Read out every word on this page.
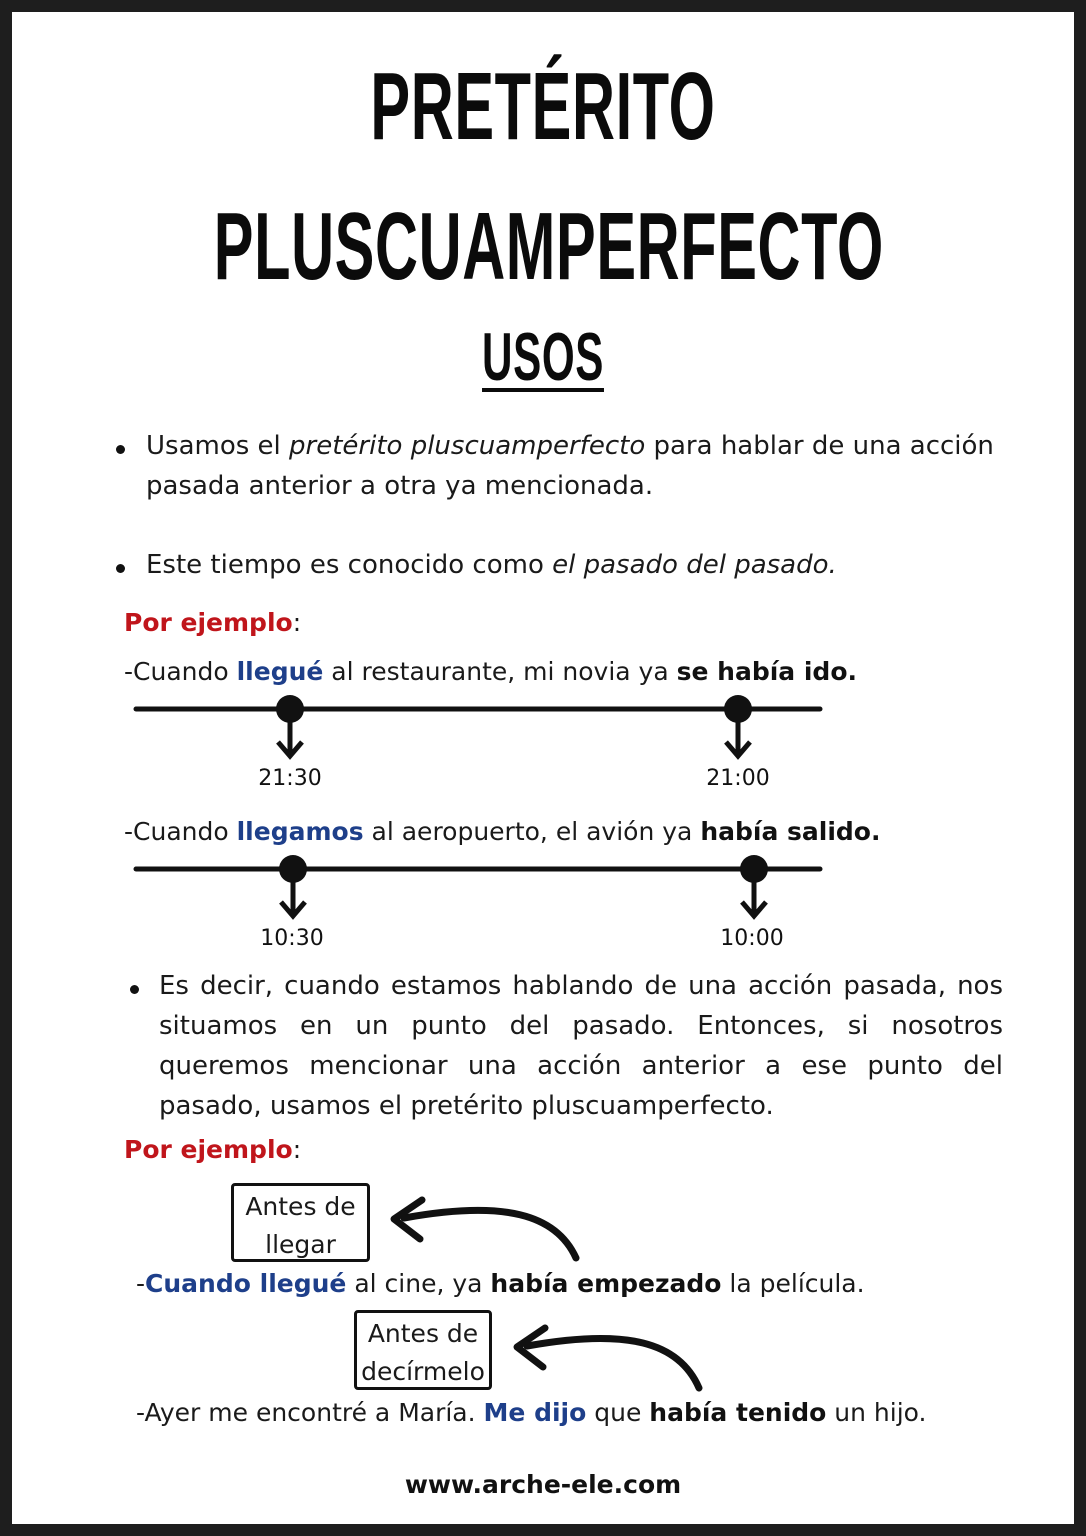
PRETÉRITO
PLUSCUAMPERFECTO
USOS
Usamos el pretérito pluscuamperfecto para hablar de una acción pasada anterior a otra ya mencionada.
Este tiempo es conocido como el pasado del pasado.
Por ejemplo:
-Cuando llegué al restaurante, mi novia ya se había ido.
21:30	21:00
-Cuando llegamos al aeropuerto, el avión ya había salido.
10:30	10:00
Es decir, cuando estamos hablando de una acción pasada, nos situamos en un punto del pasado. Entonces, si nosotros queremos mencionar una acción anterior a ese punto del pasado, usamos el pretérito pluscuamperfecto.
Por ejemplo:
Antes de
llegar
-Cuando llegué al cine, ya había empezado la película.
Antes de
decírmelo
-Ayer me encontré a María. Me dijo que había tenido un hijo.
www.arche-ele.com
